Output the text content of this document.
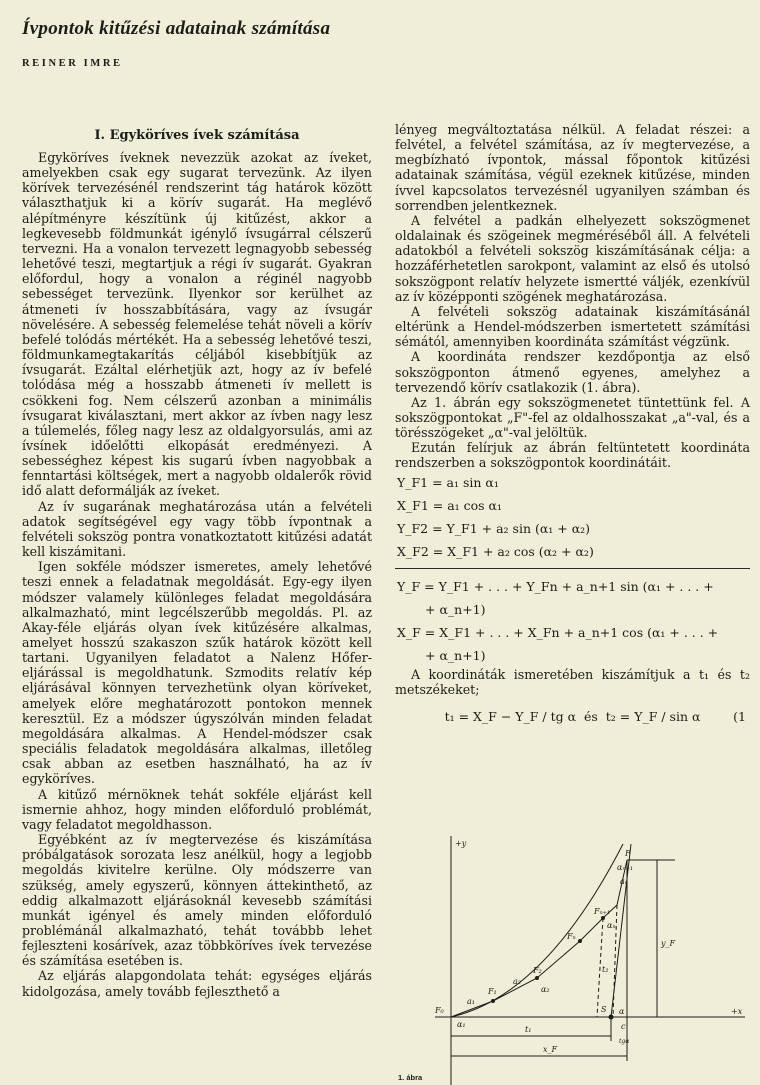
Ívpontok kitűzési adatainak számítása

REINER IMRE

I. Egyköríves ívek számítása

Egyköríves íveknek nevezzük azokat az íveket, amelyekben csak egy sugarat tervezünk. Az ilyen körívek tervezésénél rendszerint tág határok között választhatjuk ki a körív sugarát. Ha meglévő alépítményre készítünk új kitűzést, akkor a legkevesebb földmunkát igénylő ívsugárral célszerű tervezni. Ha a vonalon tervezett legnagyobb sebesség lehetővé teszi, megtartjuk a régi ív sugarát. Gyakran előfordul, hogy a vonalon a réginél nagyobb sebességet tervezünk. Ilyenkor sor kerülhet az átmeneti ív hosszabbítására, vagy az ívsugár növelésére. A sebesség felemelése tehát növeli a körív befelé tolódás mértékét. Ha a sebesség lehetővé teszi, földmunkamegtakarítás céljából kisebbítjük az ívsugarát. Ezáltal elérhetjük azt, hogy az ív befelé tolódása még a hosszabb átmeneti ív mellett is csökkeni fog. Nem célszerű azonban a minimális ívsugarat kiválasztani, mert akkor az ívben nagy lesz a túlemelés, főleg nagy lesz az oldalgyorsulás, ami az ívsínek időelőtti elkopását eredményezi. A sebességhez képest kis sugarú ívben nagyobbak a fenntartási költségek, mert a nagyobb oldalerők rövid idő alatt deformálják az íveket.

Az ív sugarának meghatározása után a felvételi adatok segítségével egy vagy több ívpontnak a felvételi sokszög pontra vonatkoztatott kitűzési adatát kell kiszámitani.

Igen sokféle módszer ismeretes, amely lehetővé teszi ennek a feladatnak megoldását. Egy-egy ilyen módszer valamely különleges feladat megoldására alkalmazható, mint legcélszerűbb megoldás. Pl. az Akay-féle eljárás olyan ívek kitűzésére alkalmas, amelyet hosszú szakaszon szűk határok között kell tartani. Ugyanilyen feladatot a Nalenz Hőfer-eljárással is megoldhatunk. Szmodits relatív kép eljárásával könnyen tervezhetünk olyan köríveket, amelyek előre meghatározott pontokon mennek keresztül. Ez a módszer úgyszólván minden feladat megoldására alkalmas. A Hendel-módszer csak speciális feladatok megoldására alkalmas, illetőleg csak abban az esetben használható, ha az ív egyköríves.

A kitűző mérnöknek tehát sokféle eljárást kell ismernie ahhoz, hogy minden előforduló problémát, vagy feladatot megoldhasson.

Egyébként az ív megtervezése és kiszámítása próbálgatások sorozata lesz anélkül, hogy a legjobb megoldás kivitelre kerülne. Oly módszerre van szükség, amely egyszerű, könnyen áttekinthető, az eddig alkalmazott eljárásoknál kevesebb számítási munkát igényel és amely minden előforduló problémánál alkalmazható, tehát továbbb lehet fejleszteni kosárívek, azaz többköríves ívek tervezése és számítása esetében is.

Az eljárás alapgondolata tehát: egységes eljárás kidolgozása, amely tovább fejleszthető a

lényeg megváltoztatása nélkül. A feladat részei: a felvétel, a felvétel számítása, az ív megtervezése, a megbízható ívpontok, mással főpontok kitűzési adatainak számítása, végül ezeknek kitűzése, minden ívvel kapcsolatos tervezésnél ugyanilyen számban és sorrendben jelentkeznek.

A felvétel a padkán elhelyezett sokszögmenet oldalainak és szögeinek megméréséből áll. A felvételi adatokból a felvételi sokszög kiszámításának célja: a hozzáférhetetlen sarokpont, valamint az első és utolsó sokszögpont relatív helyzete ismertté váljék, ezenkívül az ív középponti szögének meghatározása.

A felvételi sokszög adatainak kiszámításánál eltérünk a Hendel-módszerben ismertetett számítási sémától, amennyiben koordináta számítást végzünk.

A koordináta rendszer kezdőpontja az első sokszögponton átmenő egyenes, amelyhez a tervezendő körív csatlakozik (1. ábra).

Az 1. ábrán egy sokszögmenetet tüntettünk fel. A sokszögpontokat „F"-fel az oldalhosszakat „a"-val, és a törésszögeket „α"-val jelöltük.

Ezután felírjuk az ábrán feltüntetett koordináta rendszerben a sokszögpontok koordinátáit.

Y_F1 = a₁ sin α₁
X_F1 = a₁ cos α₁
Y_F2 = Y_F1 + a₂ sin (α₁ + α₂)
X_F2 = X_F1 + a₂ cos (α₂ + α₂)
Y_F = Y_F1 + . . . + Y_Fn + a_n+1 sin (α₁ + . . . +
+ α_n+1)
X_F = X_F1 + . . . + X_Fn + a_n+1 cos (α₁ + . . . +
+ α_n+1)

A koordináták ismeretében kiszámítjuk a t₁ és t₂ metszékeket;

t₁ = X_F − Y_F / tg α és t₂ = Y_F / sin α	(1
+y
+x
F₀
F₁
F₂
Fₙ
Fₙ₊₁
F
a₁
a₂
aₙ
α₁
α₂
αₙ
αₙ₊₁
α
S
t₁
t₂
x_F
y_F
c
tgα

1. ábra
